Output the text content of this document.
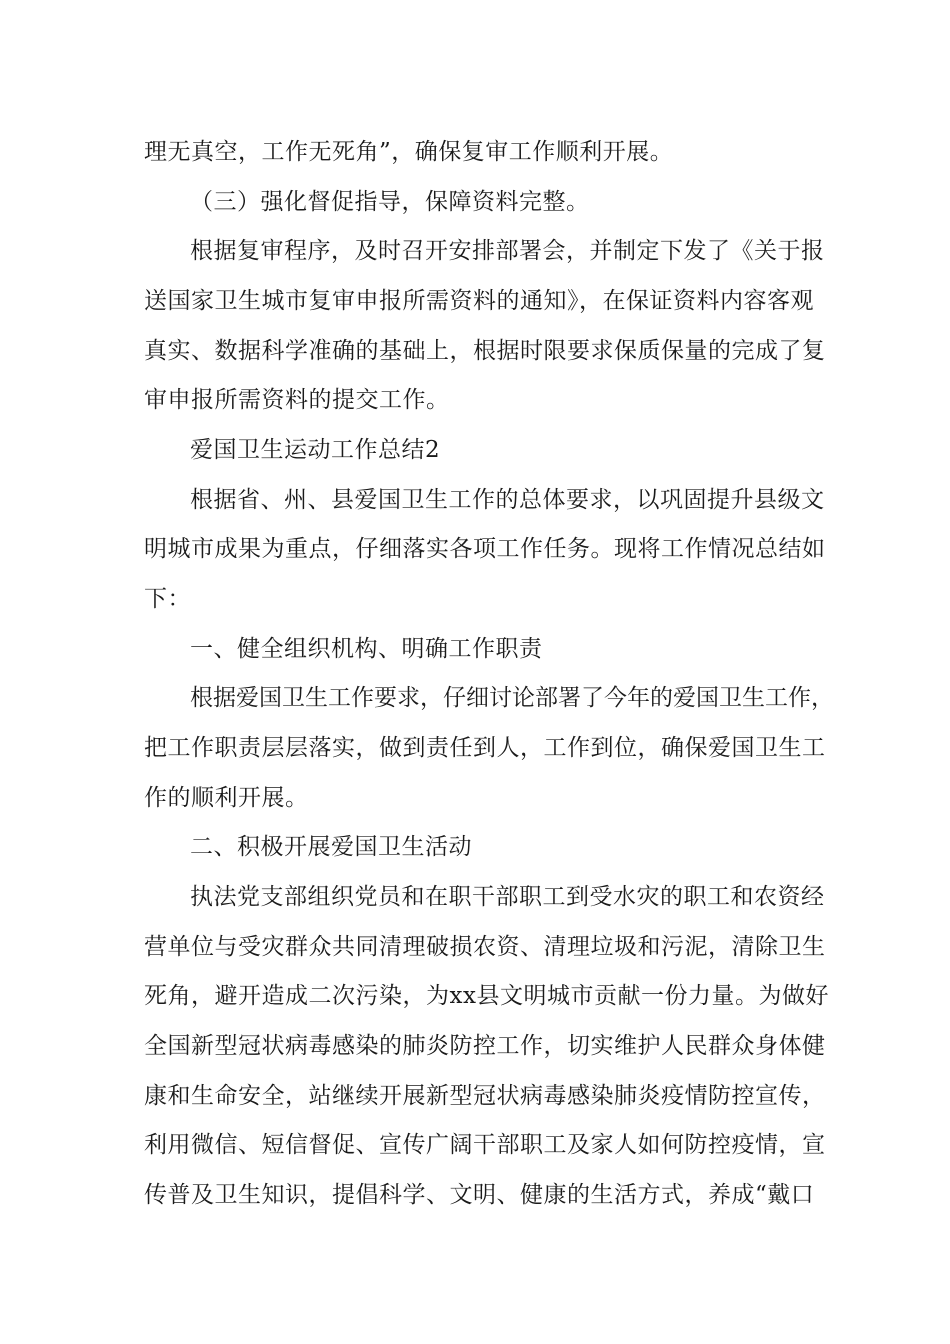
理无真空，工作无死角”，确保复审工作顺利开展。
（三）强化督促指导，保障资料完整。
根据复审程序，及时召开安排部署会，并制定下发了《关于报
送国家卫生城市复审申报所需资料的通知》，在保证资料内容客观
真实、数据科学准确的基础上，根据时限要求保质保量的完成了复
审申报所需资料的提交工作。
爱国卫生运动工作总结2
根据省、州、县爱国卫生工作的总体要求，以巩固提升县级文
明城市成果为重点，仔细落实各项工作任务。现将工作情况总结如
下：
一、健全组织机构、明确工作职责
根据爱国卫生工作要求，仔细讨论部署了今年的爱国卫生工作，
把工作职责层层落实，做到责任到人，工作到位，确保爱国卫生工
作的顺利开展。
二、积极开展爱国卫生活动
执法党支部组织党员和在职干部职工到受水灾的职工和农资经
营单位与受灾群众共同清理破损农资、清理垃圾和污泥，清除卫生
死角，避开造成二次污染，为xx县文明城市贡献一份力量。为做好
全国新型冠状病毒感染的肺炎防控工作，切实维护人民群众身体健
康和生命安全，站继续开展新型冠状病毒感染肺炎疫情防控宣传，
利用微信、短信督促、宣传广阔干部职工及家人如何防控疫情，宣
传普及卫生知识，提倡科学、文明、健康的生活方式，养成“戴口
